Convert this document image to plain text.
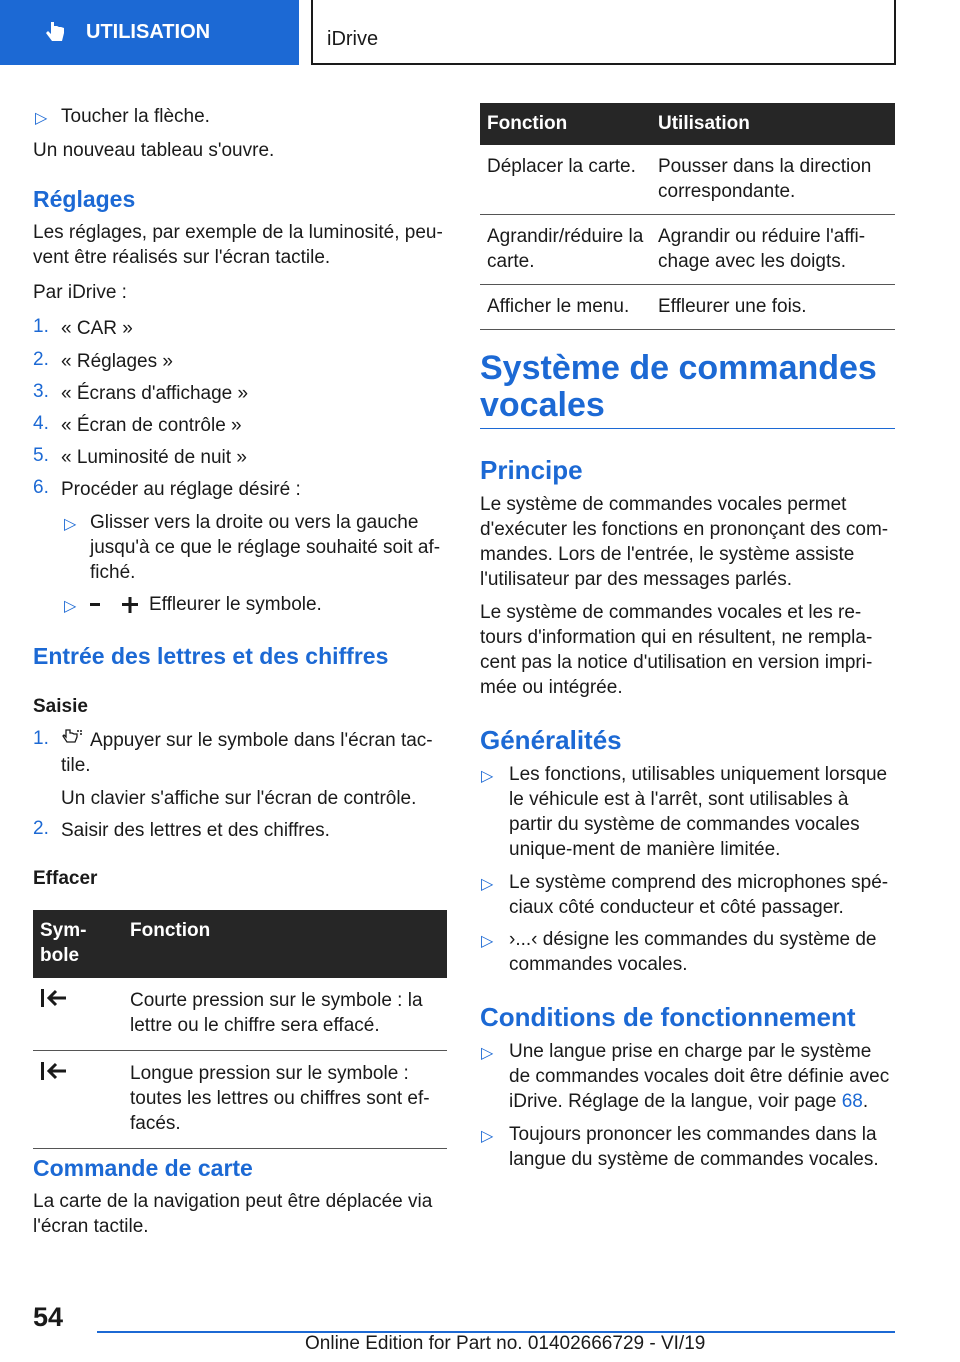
UTILISATION	iDrive
▷ Toucher la flèche.
Un nouveau tableau s'ouvre.
Réglages
Les réglages, par exemple de la luminosité, peu‐vent être réalisés sur l'écran tactile.
Par iDrive :
1. « CAR »
2. « Réglages »
3. « Écrans d'affichage »
4. « Écran de contrôle »
5. « Luminosité de nuit »
6. Procéder au réglage désiré :
▷ Glisser vers la droite ou vers la gauche jusqu'à ce que le réglage souhaité soit af‐fiché.
▷	Effleurer le symbole.
Entrée des lettres et des chiffres
Saisie
1.	Appuyer sur le symbole dans l'écran tac‐tile.
Un clavier s'affiche sur l'écran de contrôle.
2. Saisir des lettres et des chiffres.
Effacer
Sym‐bole	Fonction
	Courte pression sur le symbole : la lettre ou le chiffre sera effacé.
	Longue pression sur le symbole : toutes les lettres ou chiffres sont ef‐facés.
Commande de carte
La carte de la navigation peut être déplacée via l'écran tactile.
Fonction	Utilisation
Déplacer la carte.	Pousser dans la direction correspondante.
Agrandir/réduire la carte.	Agrandir ou réduire l'affi‐chage avec les doigts.
Afficher le menu.	Effleurer une fois.
Système de commandes vocales
Principe
Le système de commandes vocales permet d'exécuter les fonctions en prononçant des com‐mandes. Lors de l'entrée, le système assiste l'utilisateur par des messages parlés.
Le système de commandes vocales et les re‐tours d'information qui en résultent, ne rempla‐cent pas la notice d'utilisation en version impri‐mée ou intégrée.
Généralités
▷ Les fonctions, utilisables uniquement lorsque le véhicule est à l'arrêt, sont utilisables à partir du système de commandes vocales unique‐ment de manière limitée.
▷ Le système comprend des microphones spé‐ciaux côté conducteur et côté passager.
▷ ›...‹ désigne les commandes du système de commandes vocales.
Conditions de fonctionnement
▷ Une langue prise en charge par le système de commandes vocales doit être définie avec iDrive. Réglage de la langue, voir page 68.
▷ Toujours prononcer les commandes dans la langue du système de commandes vocales.
54
Online Edition for Part no. 01402666729 - VI/19
